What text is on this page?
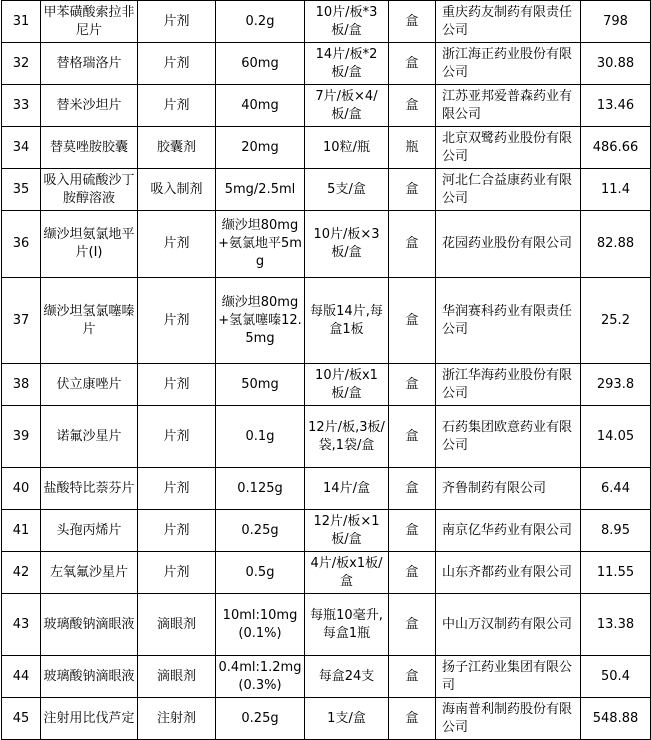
31	甲苯磺酸索拉非尼片	片剂	0.2g	10片/板*3板/盒	盒	重庆药友制药有限责任公司	798
32	替格瑞洛片	片剂	60mg	14片/板*2板/盒	盒	浙江海正药业股份有限公司	30.88
33	替米沙坦片	片剂	40mg	7片/板×4/板/盒	盒	江苏亚邦爱普森药业有限公司	13.46
34	替莫唑胺胶囊	胶囊剂	20mg	10粒/瓶	瓶	北京双鹭药业股份有限公司	486.66
35	吸入用硫酸沙丁胺醇溶液	吸入制剂	5mg/2.5ml	5支/盒	盒	河北仁合益康药业有限公司	11.4
36	缬沙坦氨氯地平片(Ⅰ)	片剂	缬沙坦80mg+氨氯地平5mg	10片/板×3板/盒	盒	花园药业股份有限公司	82.88
37	缬沙坦氢氯噻嗪片	片剂	缬沙坦80mg+氢氯噻嗪12.5mg	每版14片,每盒1板	盒	华润赛科药业有限责任公司	25.2
38	伏立康唑片	片剂	50mg	10片/板x1板/盒	盒	浙江华海药业股份有限公司	293.8
39	诺氟沙星片	片剂	0.1g	12片/板,3板/袋,1袋/盒	盒	石药集团欧意药业有限公司	14.05
40	盐酸特比萘芬片	片剂	0.125g	14片/盒	盒	齐鲁制药有限公司	6.44
41	头孢丙烯片	片剂	0.25g	12片/板×1板/盒	盒	南京亿华药业有限公司	8.95
42	左氧氟沙星片	片剂	0.5g	4片/板x1板/盒	盒	山东齐都药业有限公司	11.55
43	玻璃酸钠滴眼液	滴眼剂	10ml:10mg(0.1%)	每瓶10毫升,每盒1瓶	盒	中山万汉制药有限公司	13.38
44	玻璃酸钠滴眼液	滴眼剂	0.4ml:1.2mg(0.3%)	每盒24支	盒	扬子江药业集团有限公司	50.4
45	注射用比伐芦定	注射剂	0.25g	1支/盒	盒	海南普利制药股份有限公司	548.88
